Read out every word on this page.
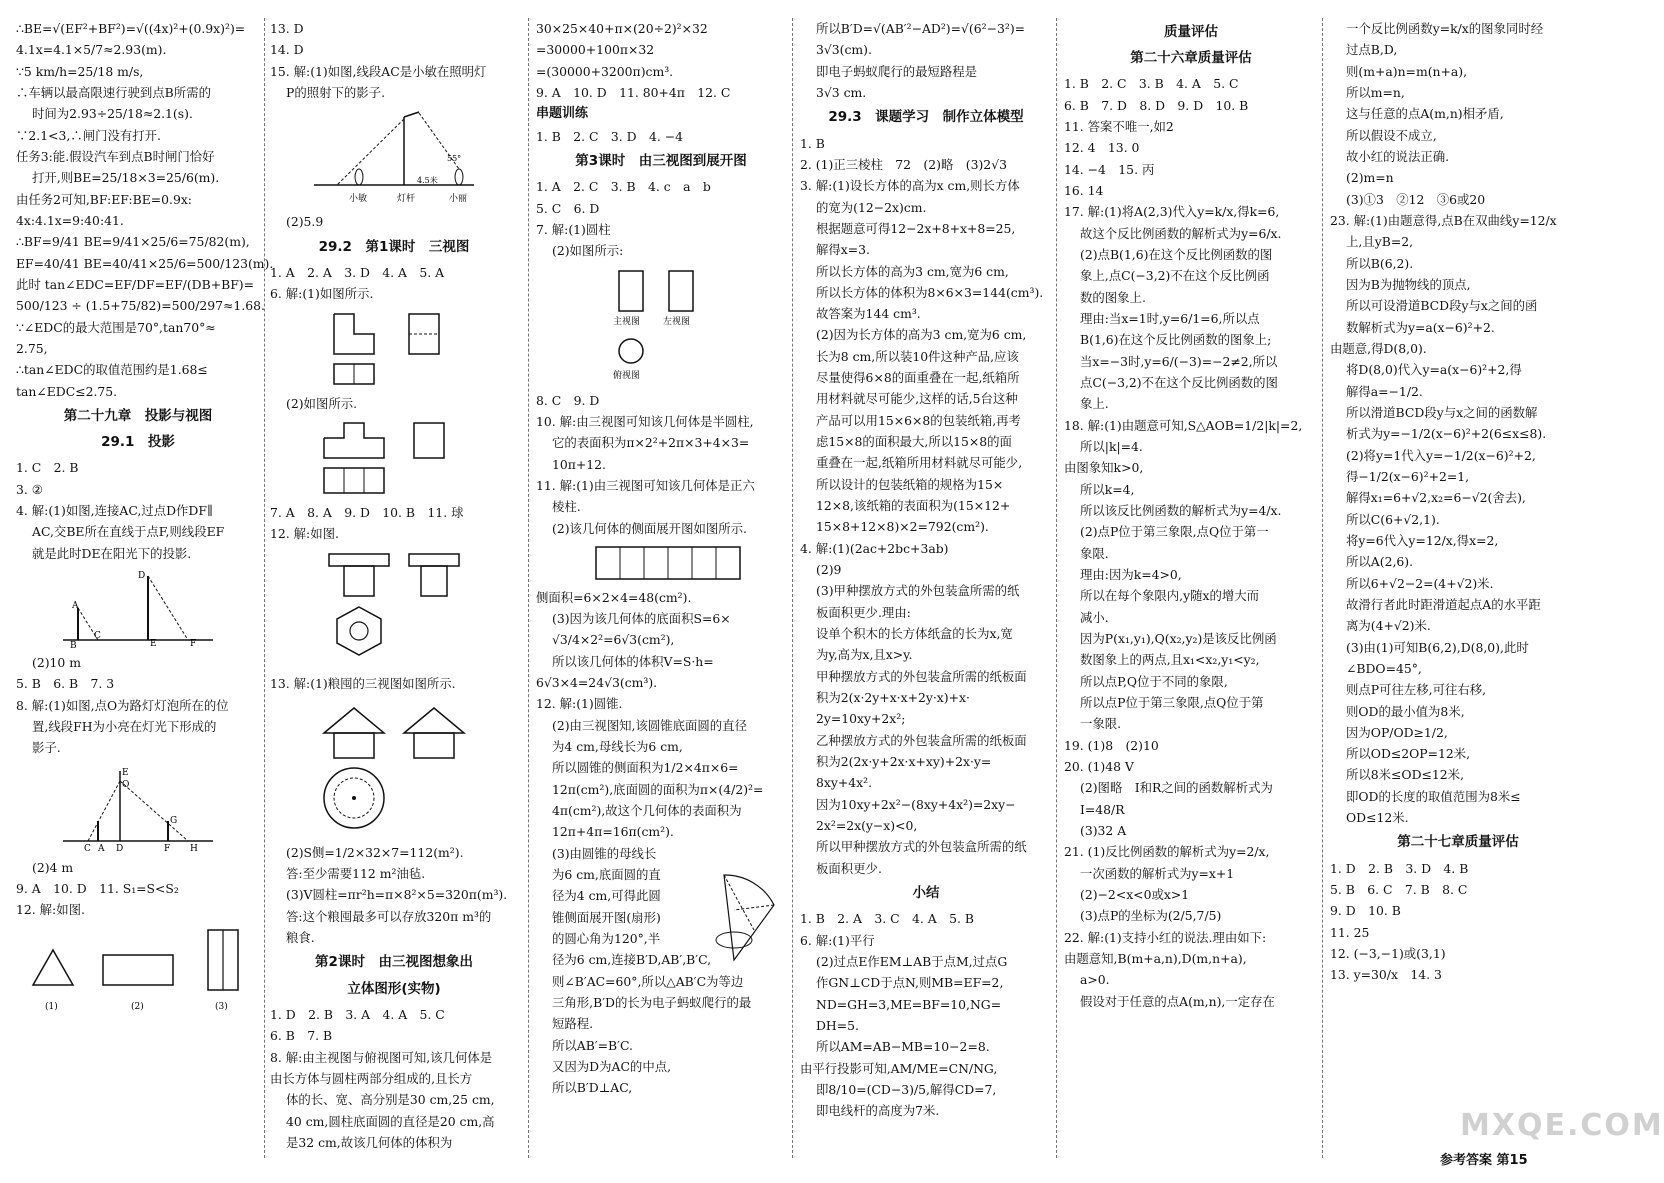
∴BE=√(EF²+BF²)=√((4x)²+(0.9x)²)=
4.1x=4.1×5/7≈2.93(m).
∵5 km/h=25/18 m/s,
∴车辆以最高限速行驶到点B所需的
时间为2.93÷25/18≈2.1(s).
∵2.1<3,∴闸门没有打开.
任务3:能.假设汽车到点B时闸门恰好
打开,则BE=25/18×3=25/6(m).
由任务2可知,BF:EF:BE=0.9x:
4x:4.1x=9:40:41.
∴BF=9/41 BE=9/41×25/6=75/82(m),
EF=40/41 BE=40/41×25/6=500/123(m).
此时 tan∠EDC=EF/DF=EF/(DB+BF)=
500/123 ÷ (1.5+75/82)=500/297≈1.68.
∵∠EDC的最大范围是70°,tan70°≈
2.75,
∴tan∠EDC的取值范围约是1.68≤
tan∠EDC≤2.75.
第二十九章　投影与视图
29.1　投影
1. C　2. B
3. ②
4. 解:(1)如图,连接AC,过点D作DF∥
AC,交BE所在直线于点F,则线段EF
就是此时DE在阳光下的投影.
B
C
D
F
A
E
(2)10 m
5. B　6. B　7. 3
8. 解:(1)如图,点O为路灯灯泡所在的位
置,线段FH为小亮在灯光下形成的
影子.
E
O
G
H
C A D	F
(2)4 m
9. A　10. D　11. S₁=S<S₂
12. 解:如图.
(1)	(2)	(3)
13. D
14. D
15. 解:(1)如图,线段AC是小敏在照明灯
P的照射下的影子.
小敏	灯杆	小丽
4.5米
55°
(2)5.9
29.2　第1课时　三视图
1. A　2. A　3. D　4. A　5. A
6. 解:(1)如图所示.
(2)如图所示.
7. A　8. A　9. D　10. B　11. 球
12. 解:如图.
13. 解:(1)粮囤的三视图如图所示.
(2)S侧=1/2×32×7=112(m²).
答:至少需要112 m²油毡.
(3)V圆柱=πr²h=π×8²×5=320π(m³).
答:这个粮囤最多可以存放320π m³的
粮食.
第2课时　由三视图想象出
立体图形(实物)
1. D　2. B　3. A　4. A　5. C
6. B　7. B
8. 解:由主视图与俯视图可知,该几何体是
由长方体与圆柱两部分组成的,且长方
体的长、宽、高分别是30 cm,25 cm,
40 cm,圆柱底面圆的直径是20 cm,高
是32 cm,故该几何体的体积为
30×25×40+π×(20÷2)²×32
=30000+100π×32
=(30000+3200π)cm³.
9. A　10. D　11. 80+4π　12. C
串题训练
1. B　2. C　3. D　4. −4
第3课时　由三视图到展开图
1. A　2. C　3. B　4. c　a　b
5. C　6. D
7. 解:(1)圆柱
(2)如图所示:
主视图	左视图
俯视图
8. C　9. D
10. 解:由三视图可知该几何体是半圆柱,
它的表面积为π×2²+2π×3+4×3=
10π+12.
11. 解:(1)由三视图可知该几何体是正六
棱柱.
(2)该几何体的侧面展开图如图所示.
侧面积=6×2×4=48(cm²).
(3)因为该几何体的底面积S=6×
√3/4×2²=6√3(cm²),
所以该几何体的体积V=S·h=
6√3×4=24√3(cm³).
12. 解:(1)圆锥.
(2)由三视图知,该圆锥底面圆的直径
为4 cm,母线长为6 cm,
所以圆锥的侧面积为1/2×4π×6=
12π(cm²),底面圆的面积为π×(4/2)²=
4π(cm²),故这个几何体的表面积为
12π+4π=16π(cm²).
(3)由圆锥的母线长
为6 cm,底面圆的直
径为4 cm,可得此圆
锥侧面展开图(扇形)
的圆心角为120°,半
径为6 cm,连接B′D,AB′,B′C,
则∠B′AC=60°,所以△AB′C为等边
三角形,B′D的长为电子蚂蚁爬行的最
短路程.
所以AB′=B′C.
又因为D为AC的中点,
所以B′D⊥AC,
所以B′D=√(AB′²−AD²)=√(6²−3²)=
3√3(cm).
即电子蚂蚁爬行的最短路程是
3√3 cm.
29.3　课题学习　制作立体模型
1. B
2. (1)正三棱柱　72　(2)略　(3)2√3
3. 解:(1)设长方体的高为x cm,则长方体
的宽为(12−2x)cm.
根据题意可得12−2x+8+x+8=25,
解得x=3.
所以长方体的高为3 cm,宽为6 cm,
所以长方体的体积为8×6×3=144(cm³).
故答案为144 cm³.
(2)因为长方体的高为3 cm,宽为6 cm,
长为8 cm,所以装10件这种产品,应该
尽量使得6×8的面重叠在一起,纸箱所
用材料就尽可能少,这样的话,5台这种
产品可以用15×6×8的包装纸箱,再考
虑15×8的面积最大,所以15×8的面
重叠在一起,纸箱所用材料就尽可能少,
所以设计的包装纸箱的规格为15×
12×8,该纸箱的表面积为(15×12+
15×8+12×8)×2=792(cm²).
4. 解:(1)(2ac+2bc+3ab)
(2)9
(3)甲种摆放方式的外包装盒所需的纸
板面积更少.理由:
设单个积木的长方体纸盒的长为x,宽
为y,高为x,且x>y.
甲种摆放方式的外包装盒所需的纸板面
积为2(x·2y+x·x+2y·x)+x·
2y=10xy+2x²;
乙种摆放方式的外包装盒所需的纸板面
积为2(2x·y+2x·x+xy)+2x·y=
8xy+4x².
因为10xy+2x²−(8xy+4x²)=2xy−
2x²=2x(y−x)<0,
所以甲种摆放方式的外包装盒所需的纸
板面积更少.
小结
1. B　2. A　3. C　4. A　5. B
6. 解:(1)平行
(2)过点E作EM⊥AB于点M,过点G
作GN⊥CD于点N,则MB=EF=2,
ND=GH=3,ME=BF=10,NG=
DH=5.
所以AM=AB−MB=10−2=8.
由平行投影可知,AM/ME=CN/NG,
即8/10=(CD−3)/5,解得CD=7,
即电线杆的高度为7米.
质量评估
第二十六章质量评估
1. B　2. C　3. B　4. A　5. C
6. B　7. D　8. D　9. D　10. B
11. 答案不唯一,如2
12. 4　13. 0
14. −4　15. 丙
16. 14
17. 解:(1)将A(2,3)代入y=k/x,得k=6,
故这个反比例函数的解析式为y=6/x.
(2)点B(1,6)在这个反比例函数的图
象上,点C(−3,2)不在这个反比例函
数的图象上.
理由:当x=1时,y=6/1=6,所以点
B(1,6)在这个反比例函数的图象上;
当x=−3时,y=6/(−3)=−2≠2,所以
点C(−3,2)不在这个反比例函数的图
象上.
18. 解:(1)由题意可知,S△AOB=1/2|k|=2,
所以|k|=4.
由图象知k>0,
所以k=4,
所以该反比例函数的解析式为y=4/x.
(2)点P位于第三象限,点Q位于第一
象限.
理由:因为k=4>0,
所以在每个象限内,y随x的增大而
减小.
因为P(x₁,y₁),Q(x₂,y₂)是该反比例函
数图象上的两点,且x₁<x₂,y₁<y₂,
所以点P,Q位于不同的象限,
所以点P位于第三象限,点Q位于第
一象限.
19. (1)8　(2)10
20. (1)48 V
(2)图略　I和R之间的函数解析式为
I=48/R
(3)32 A
21. (1)反比例函数的解析式为y=2/x,
一次函数的解析式为y=x+1
(2)−2<x<0或x>1
(3)点P的坐标为(2/5,7/5)
22. 解:(1)支持小红的说法.理由如下:
由题意知,B(m+a,n),D(m,n+a),
a>0.
假设对于任意的点A(m,n),一定存在
一个反比例函数y=k/x的图象同时经
过点B,D,
则(m+a)n=m(n+a),
所以m=n,
这与任意的点A(m,n)相矛盾,
所以假设不成立,
故小红的说法正确.
(2)m=n
(3)①3　②12　③6或20
23. 解:(1)由题意得,点B在双曲线y=12/x
上,且yB=2,
所以B(6,2).
因为B为抛物线的顶点,
所以可设滑道BCD段y与x之间的函
数解析式为y=a(x−6)²+2.
由题意,得D(8,0).
将D(8,0)代入y=a(x−6)²+2,得
解得a=−1/2.
所以滑道BCD段y与x之间的函数解
析式为y=−1/2(x−6)²+2(6≤x≤8).
(2)将y=1代入y=−1/2(x−6)²+2,
得−1/2(x−6)²+2=1,
解得x₁=6+√2,x₂=6−√2(舍去),
所以C(6+√2,1).
将y=6代入y=12/x,得x=2,
所以A(2,6).
所以6+√2−2=(4+√2)米.
故滑行者此时距滑道起点A的水平距
离为(4+√2)米.
(3)由(1)可知B(6,2),D(8,0),此时
∠BDO=45°,
则点P可往左移,可往右移,
则OD的最小值为8米,
因为OP/OD≥1/2,
所以OD≤2OP=12米,
所以8米≤OD≤12米,
即OD的长度的取值范围为8米≤
OD≤12米.
第二十七章质量评估
1. D　2. B　3. D　4. B
5. B　6. C　7. B　8. C
9. D　10. B
11. 25
12. (−3,−1)或(3,1)
13. y=30/x　14. 3
MXQE.COM
参考答案 第15
